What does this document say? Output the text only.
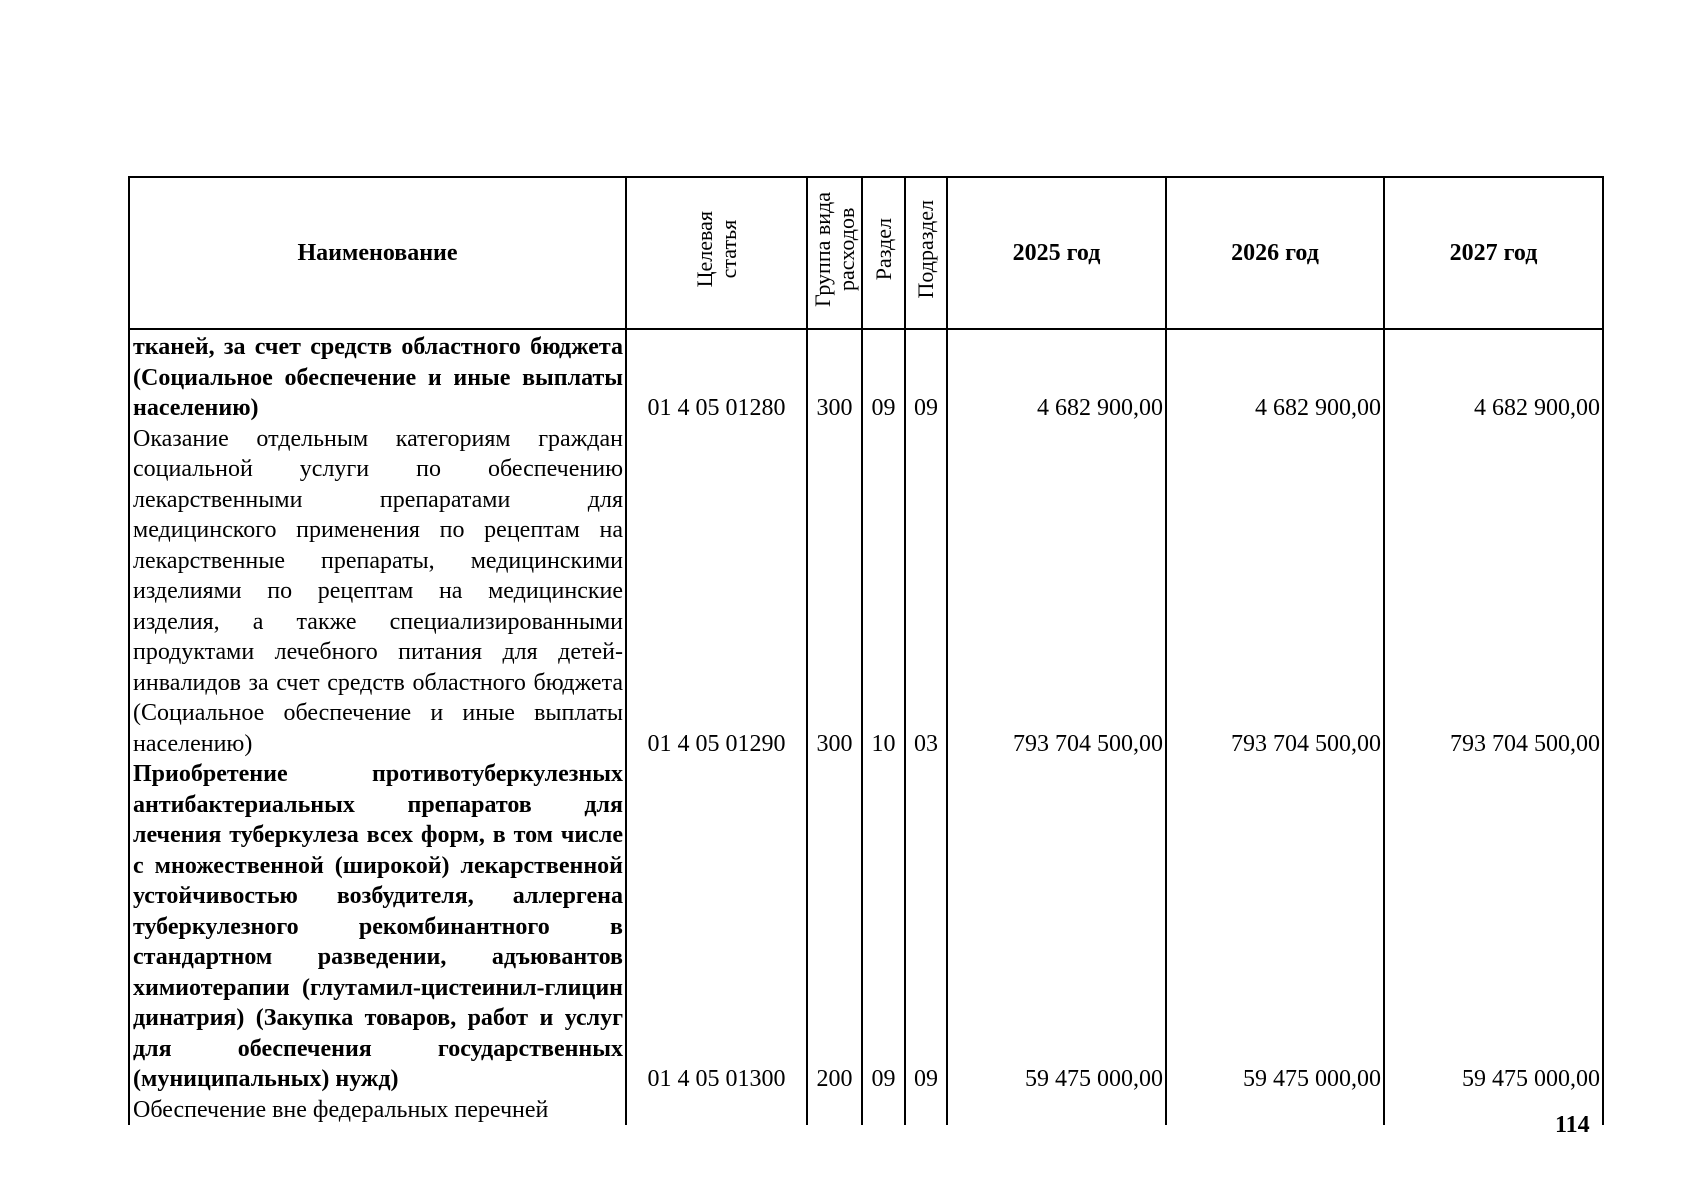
Наименование	Целевая статья	Группа вида расходов	Раздел	Подраздел	2025 год	2026 год	2027 год
тканей, за счет средств областного бюджета (Социальное обеспечение и иные выплаты населению)	01 4 05 01280	300	09	09	4 682 900,00	4 682 900,00	4 682 900,00
Оказание отдельным категориям граждан социальной услуги по обеспечению лекарственными препаратами для медицинского применения по рецептам на лекарственные препараты, медицинскими изделиями по рецептам на медицинские изделия, а также специализированными продуктами лечебного питания для детей-инвалидов за счет средств областного бюджета (Социальное обеспечение и иные выплаты населению)	01 4 05 01290	300	10	03	793 704 500,00	793 704 500,00	793 704 500,00
Приобретение противотуберкулезных антибактериальных препаратов для лечения туберкулеза всех форм, в том числе с множественной (широкой) лекарственной устойчивостью возбудителя, аллергена туберкулезного рекомбинантного в стандартном разведении, адъювантов химиотерапии (глутамил-цистеинил-глицин динатрия) (Закупка товаров, работ и услуг для обеспечения государственных (муниципальных) нужд)	01 4 05 01300	200	09	09	59 475 000,00	59 475 000,00	59 475 000,00
Обеспечение вне федеральных перечней							
114
